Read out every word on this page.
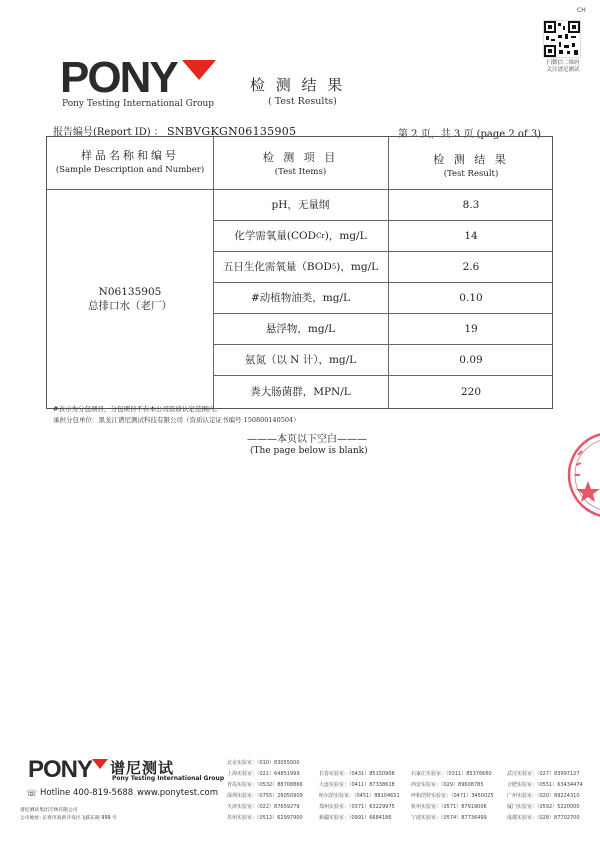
CH
扫微信二维码
关注谱尼测试
PONY
Pony Testing International Group
检 测 结 果
( Test Results)
报告编号(Report ID) ： SNBVGKGN06135905	第 2 页，共 3 页 (page 2 of 3)
样品名称和编号
(Sample Description and Number)
检 测 项 目
(Test Items)
检 测 结 果
(Test Result)
N06135905
总排口水（老厂）
pH，无量纲	8.3
化学需氧量(COD Cr )，mg/L	14
五日生化需氧量（BOD 5 )，mg/L	2.6
#动植物油类，mg/L	0.10
悬浮物，mg/L	19
氨氮（以 N 计），mg/L	0.09
粪大肠菌群，MPN/L	220
#表示为分包项目，分包项目不在本公司资质认定范围内。
承担分包单位：黑龙江谱尼测试科技有限公司（资质认定证书编号 150800140504）
———本页以下空白———
(The page below is blank)
PONY 谱尼测试
Pony Testing International Group
☏ Hotline 400-819-5688 www.ponytest.com
谱尼测试集团吉林有限公司
公司地址: 长春市高新开发区飞跃东路 999 号
北京实验室：（010）83055000
上海实验室：（021）64851999
青岛实验室：（0532）88708866
深圳实验室：（0755）26050909
天津实验室：（022）87659279
苏州实验室：（0512）62997900
长春实验室：（0431）85150908
大连实验室：（0411）87338618
哈尔滨实验室：（0451）88104651
郑州实验室：（0371）63229975
新疆实验室：（0991）6684186
石家庄实验室：（0311）85376660
西安实验室：（029）89608785
呼和浩特实验室：（0471）3450025
杭州实验室：（0571）87919006
宁波实验室：（0574）87736499
武汉实验室：（027）83997127
合肥实验室：（0551）63434474
广州实验室：（020）89224310
厦门实验室：（0592）5220000
成都实验室：（028）87702700
